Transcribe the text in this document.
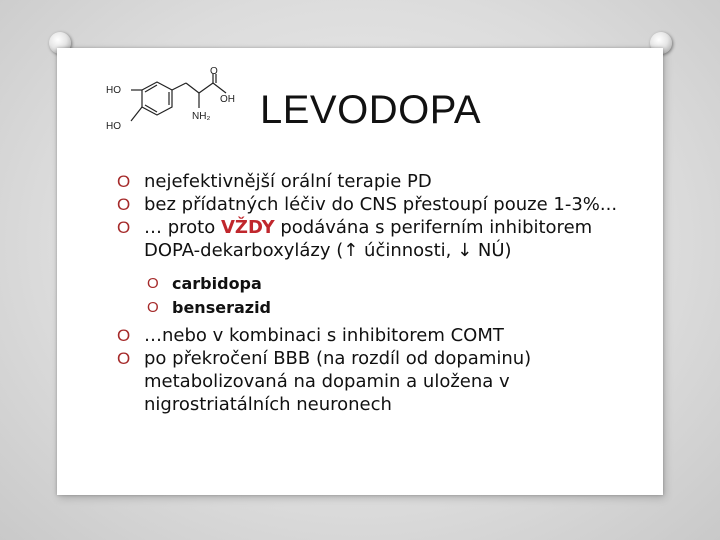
HO
HO
O
OH
NH₂ LEVODOPA
O nejefektivnější orální terapie PD
O bez přídatných léčiv do CNS přestoupí pouze 1-3%...
O … proto VŽDY podávána s periferním inhibitorem
DOPA-dekarboxylázy (↑ účinnosti, ↓ NÚ)
O carbidopa
O benserazid
O …nebo v kombinaci s inhibitorem COMT
O po překročení BBB (na rozdíl od dopaminu)
metabolizovaná na dopamin a uložena v
nigrostriatálních neuronech
